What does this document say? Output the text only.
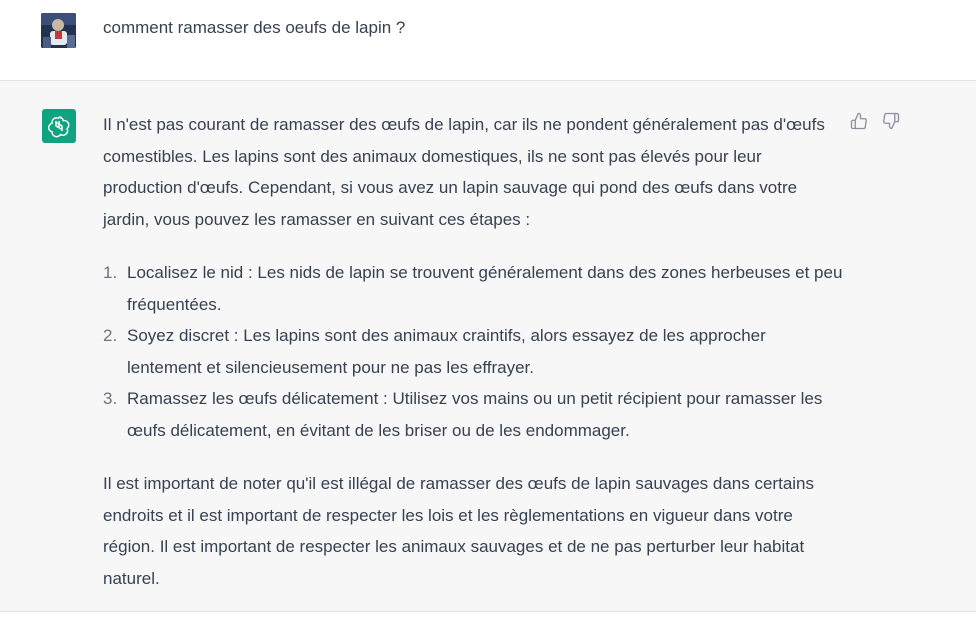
comment ramasser des oeufs de lapin ?

Il n'est pas courant de ramasser des œufs de lapin, car ils ne pondent généralement pas d'œufs comestibles. Les lapins sont des animaux domestiques, ils ne sont pas élevés pour leur production d'œufs. Cependant, si vous avez un lapin sauvage qui pond des œufs dans votre jardin, vous pouvez les ramasser en suivant ces étapes :

1. Localisez le nid : Les nids de lapin se trouvent généralement dans des zones herbeuses et peu fréquentées.
2. Soyez discret : Les lapins sont des animaux craintifs, alors essayez de les approcher lentement et silencieusement pour ne pas les effrayer.
3. Ramassez les œufs délicatement : Utilisez vos mains ou un petit récipient pour ramasser les œufs délicatement, en évitant de les briser ou de les endommager.

Il est important de noter qu'il est illégal de ramasser des œufs de lapin sauvages dans certains endroits et il est important de respecter les lois et les règlementations en vigueur dans votre région. Il est important de respecter les animaux sauvages et de ne pas perturber leur habitat naturel.
